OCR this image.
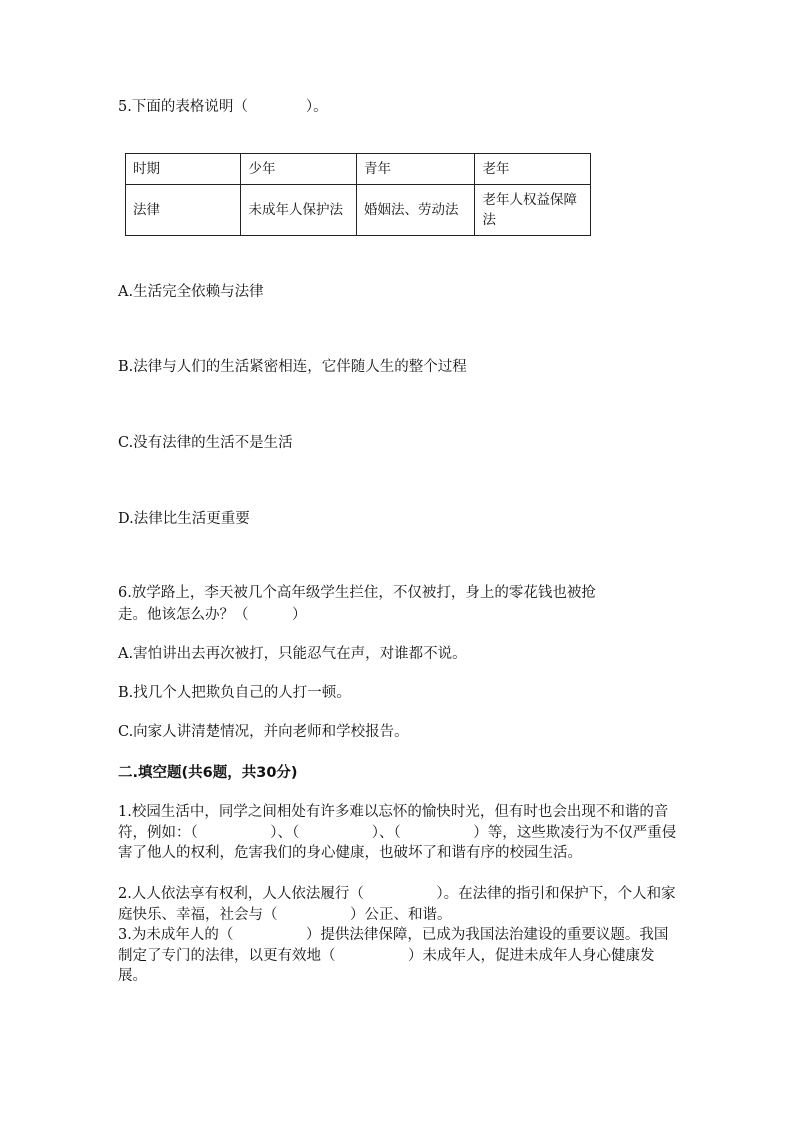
5.下面的表格说明（　　　　）。
时期	少年	青年	老年
法律	未成年人保护法	婚姻法、劳动法	老年人权益保障法
A.生活完全依赖与法律
B.法律与人们的生活紧密相连，它伴随人生的整个过程
C.没有法律的生活不是生活
D.法律比生活更重要
6.放学路上，李天被几个高年级学生拦住，不仅被打，身上的零花钱也被抢
走。他该怎么办？（　　　）
A.害怕讲出去再次被打，只能忍气在声，对谁都不说。
B.找几个人把欺负自己的人打一顿。
C.向家人讲清楚情况，并向老师和学校报告。
二.填空题(共6题，共30分)
1.校园生活中，同学之间相处有许多难以忘怀的愉快时光，但有时也会出现不和谐的音符，例如：（　　　　　）、（　　　　　）、（　　　　　）等，这些欺凌行为不仅严重侵害了他人的权利，危害我们的身心健康，也破坏了和谐有序的校园生活。
2.人人依法享有权利，人人依法履行（　　　　　）。在法律的指引和保护下，个人和家庭快乐、幸福，社会与（　　　　　）公正、和谐。
3.为未成年人的（　　　　　）提供法律保障，已成为我国法治建设的重要议题。我国制定了专门的法律，以更有效地（　　　　　）未成年人，促进未成年人身心健康发展。
